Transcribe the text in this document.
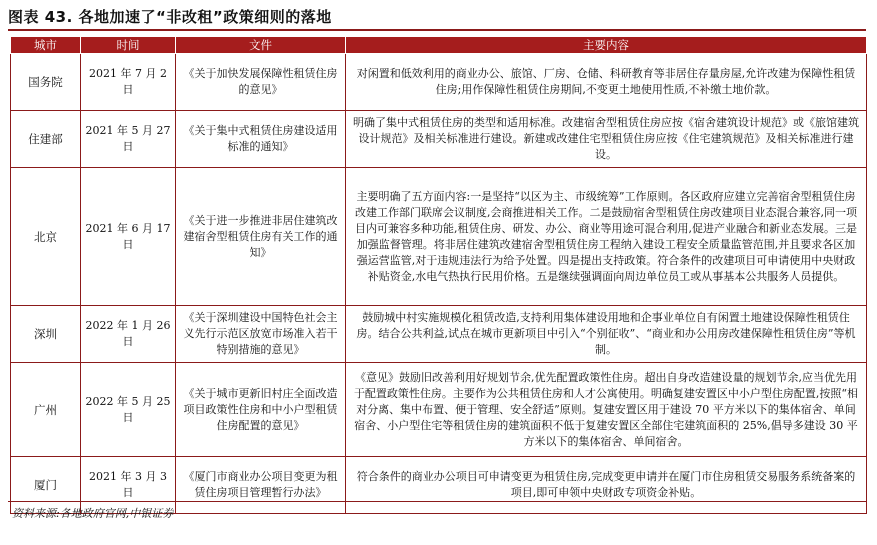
图表 43. 各地加速了“非改租”政策细则的落地
城市	时间	文件	主要内容
国务院	2021 年 7 月 2 日	《关于加快发展保障性租赁住房的意见》	对闲置和低效利用的商业办公、旅馆、厂房、仓储、科研教育等非居住存量房屋,允许改建为保障性租赁住房;用作保障性租赁住房期间,不变更土地使用性质,不补缴土地价款。
住建部	2021 年 5 月 27 日	《关于集中式租赁住房建设适用标准的通知》	明确了集中式租赁住房的类型和适用标准。改建宿舍型租赁住房应按《宿舍建筑设计规范》或《旅馆建筑设计规范》及相关标准进行建设。新建或改建住宅型租赁住房应按《住宅建筑规范》及相关标准进行建设。
北京	2021 年 6 月 17 日	《关于进一步推进非居住建筑改建宿舍型租赁住房有关工作的通知》	主要明确了五方面内容:一是坚持“以区为主、市级统筹”工作原则。各区政府应建立完善宿舍型租赁住房改建工作部门联席会议制度,会商推进相关工作。二是鼓励宿舍型租赁住房改建项目业态混合兼容,同一项目内可兼容多种功能,租赁住房、研发、办公、商业等用途可混合利用,促进产业融合和新业态发展。三是加强监督管理。将非居住建筑改建宿舍型租赁住房工程纳入建设工程安全质量监管范围,并且要求各区加强运营监管,对于违规违法行为给予处置。四是提出支持政策。符合条件的改建项目可申请使用中央财政补贴资金,水电气热执行民用价格。五是继续强调面向周边单位员工或从事基本公共服务人员提供。
深圳	2022 年 1 月 26 日	《关于深圳建设中国特色社会主义先行示范区放宽市场准入若干特别措施的意见》	鼓励城中村实施规模化租赁改造,支持利用集体建设用地和企事业单位自有闲置土地建设保障性租赁住房。结合公共利益,试点在城市更新项目中引入“个别征收”、“商业和办公用房改建保障性租赁住房”等机制。
广州	2022 年 5 月 25 日	《关于城市更新旧村庄全面改造项目政策性住房和中小户型租赁住房配置的意见》	《意见》鼓励旧改善利用好规划节余,优先配置政策性住房。超出自身改造建设量的规划节余,应当优先用于配置政策性住房。主要作为公共租赁住房和人才公寓使用。明确复建安置区中小户型住房配置,按照“相对分离、集中布置、便于管理、安全舒适”原则。复建安置区用于建设 70 平方米以下的集体宿舍、单间宿舍、小户型住宅等租赁住房的建筑面积不低于复建安置区全部住宅建筑面积的 25%,倡导多建设 30 平方米以下的集体宿舍、单间宿舍。
厦门	2021 年 3 月 3 日	《厦门市商业办公项目变更为租赁住房项目管理暂行办法》	符合条件的商业办公项目可申请变更为租赁住房,完成变更申请并在厦门市住房租赁交易服务系统备案的项目,即可申领中央财政专项资金补贴。
资料来源:各地政府官网,中银证券
